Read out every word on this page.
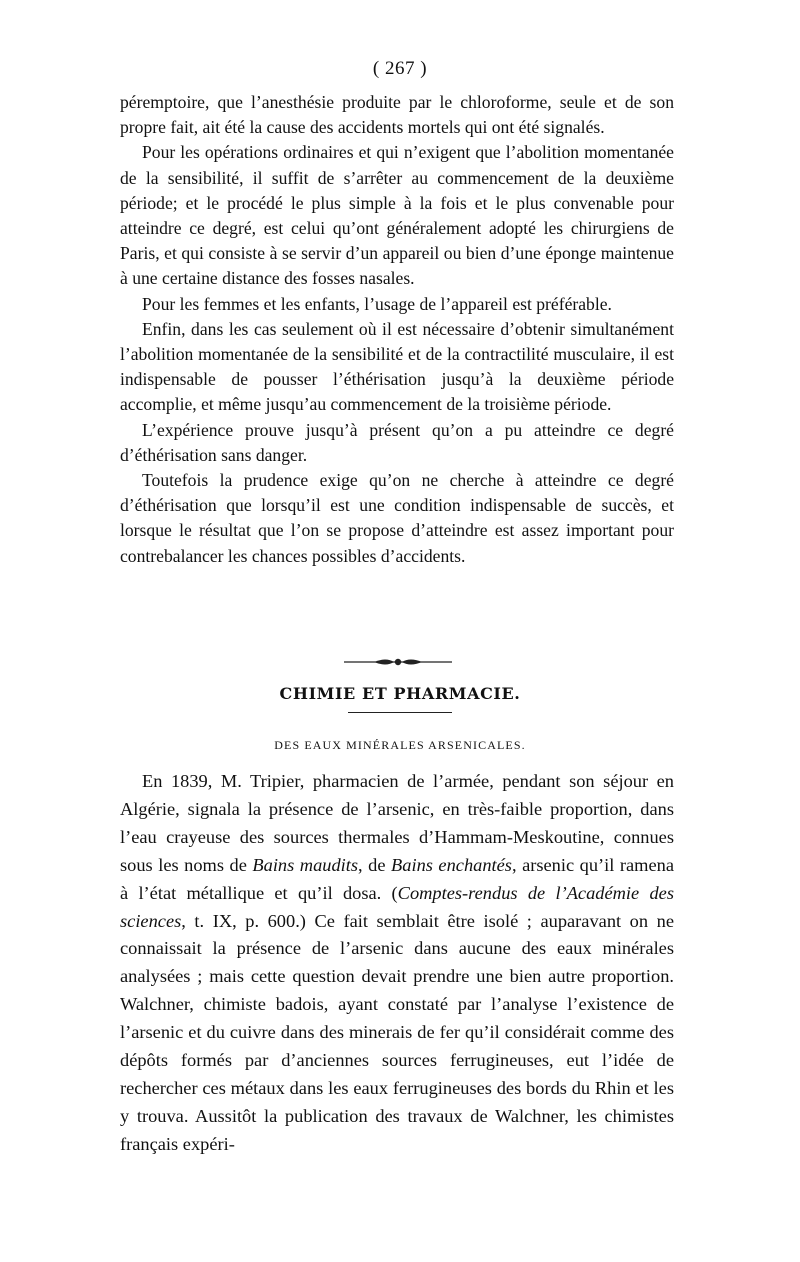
( 267 )

péremptoire, que l’anesthésie produite par le chloroforme, seule et de son propre fait, ait été la cause des accidents mortels qui ont été signalés.

Pour les opérations ordinaires et qui n’exigent que l’abolition momentanée de la sensibilité, il suffit de s’arrêter au commencement de la deuxième période; et le procédé le plus simple à la fois et le plus convenable pour atteindre ce degré, est celui qu’ont généralement adopté les chirurgiens de Paris, et qui consiste à se servir d’un appareil ou bien d’une éponge maintenue à une certaine distance des fosses nasales.

Pour les femmes et les enfants, l’usage de l’appareil est préférable.

Enfin, dans les cas seulement où il est nécessaire d’obtenir simultanément l’abolition momentanée de la sensibilité et de la contractilité musculaire, il est indispensable de pousser l’éthérisation jusqu’à la deuxième période accomplie, et même jusqu’au commencement de la troisième période.

L’expérience prouve jusqu’à présent qu’on a pu atteindre ce degré d’éthérisation sans danger.

Toutefois la prudence exige qu’on ne cherche à atteindre ce degré d’éthérisation que lorsqu’il est une condition indispensable de succès, et lorsque le résultat que l’on se propose d’atteindre est assez important pour contrebalancer les chances possibles d’accidents.

CHIMIE ET PHARMACIE.
DES EAUX MINÉRALES ARSENICALES.

En 1839, M. Tripier, pharmacien de l’armée, pendant son séjour en Algérie, signala la présence de l’arsenic, en très-faible proportion, dans l’eau crayeuse des sources thermales d’Hammam-Meskoutine, connues sous les noms de Bains maudits, de Bains enchantés, arsenic qu’il ramena à l’état métallique et qu’il dosa. (Comptes-rendus de l’Académie des sciences, t. IX, p. 600.) Ce fait semblait être isolé ; auparavant on ne connaissait la présence de l’arsenic dans aucune des eaux minérales analysées ; mais cette question devait prendre une bien autre proportion. Walchner, chimiste badois, ayant constaté par l’analyse l’existence de l’arsenic et du cuivre dans des minerais de fer qu’il considérait comme des dépôts formés par d’anciennes sources ferrugineuses, eut l’idée de rechercher ces métaux dans les eaux ferrugineuses des bords du Rhin et les y trouva. Aussitôt la publication des travaux de Walchner, les chimistes français expéri-
